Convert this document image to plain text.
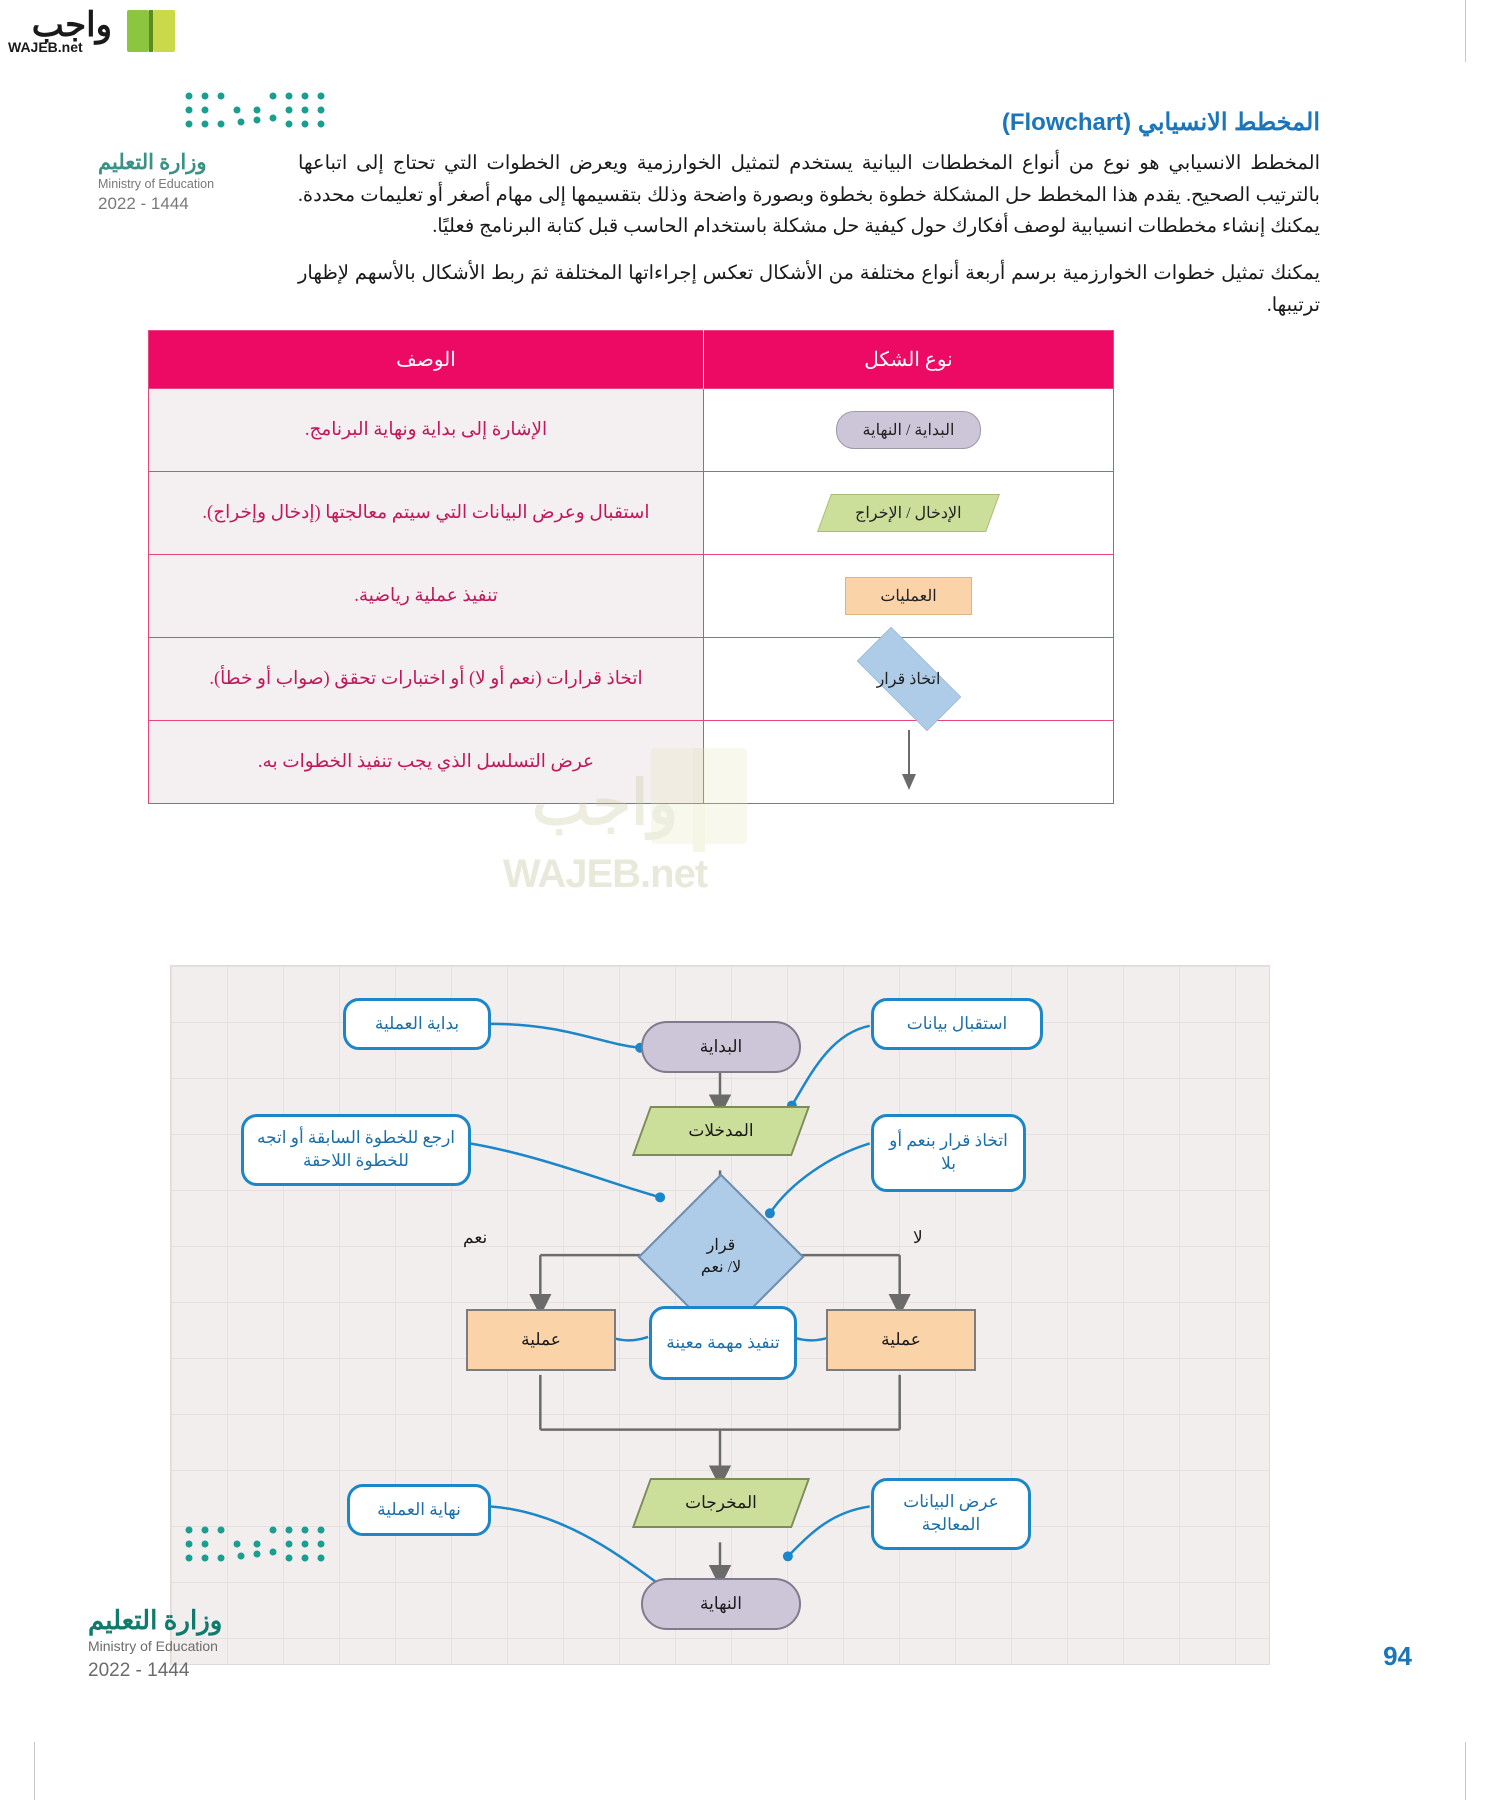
واجب
WAJEB.net
المخطط الانسيابي (Flowchart)
المخطط الانسيابي هو نوع من أنواع المخططات البيانية يستخدم لتمثيل الخوارزمية ويعرض الخطوات التي تحتاج إلى اتباعها بالترتيب الصحيح. يقدم هذا المخطط حل المشكلة خطوة بخطوة وبصورة واضحة وذلك بتقسيمها إلى مهام أصغر أو تعليمات محددة. يمكنك إنشاء مخططات انسيابية لوصف أفكارك حول كيفية حل مشكلة باستخدام الحاسب قبل كتابة البرنامج فعليًا.
يمكنك تمثيل خطوات الخوارزمية برسم أربعة أنواع مختلفة من الأشكال تعكس إجراءاتها المختلفة ثمَ ربط الأشكال بالأسهم لإظهار ترتيبها.
وزارة التعليم
Ministry of Education
2022 - 1444
الوصف	نوع الشكل
الإشارة إلى بداية ونهاية البرنامج.	البداية / النهاية

استقبال وعرض البيانات التي سيتم معالجتها (إدخال وإخراج).	الإدخال / الإخراج

تنفيذ عملية رياضية.	العمليات

اتخاذ قرارات (نعم أو لا) أو اختبارات تحقق (صواب أو خطأ).	اتخاذ قرار

عرض التسلسل الذي يجب تنفيذ الخطوات به.	
واجب
WAJEB.net
البداية
المدخلات
قرار
لا/ نعم
نعم	لا
عملية	عملية
المخرجات
النهاية
بداية العملية	استقبال بيانات
ارجع للخطوة السابقة أو اتجه للخطوة اللاحقة
اتخاذ قرار بنعم أو بلا
تنفيذ مهمة معينة
نهاية العملية	عرض البيانات المعالجة
وزارة التعليم
Ministry of Education
2022 - 1444	94
